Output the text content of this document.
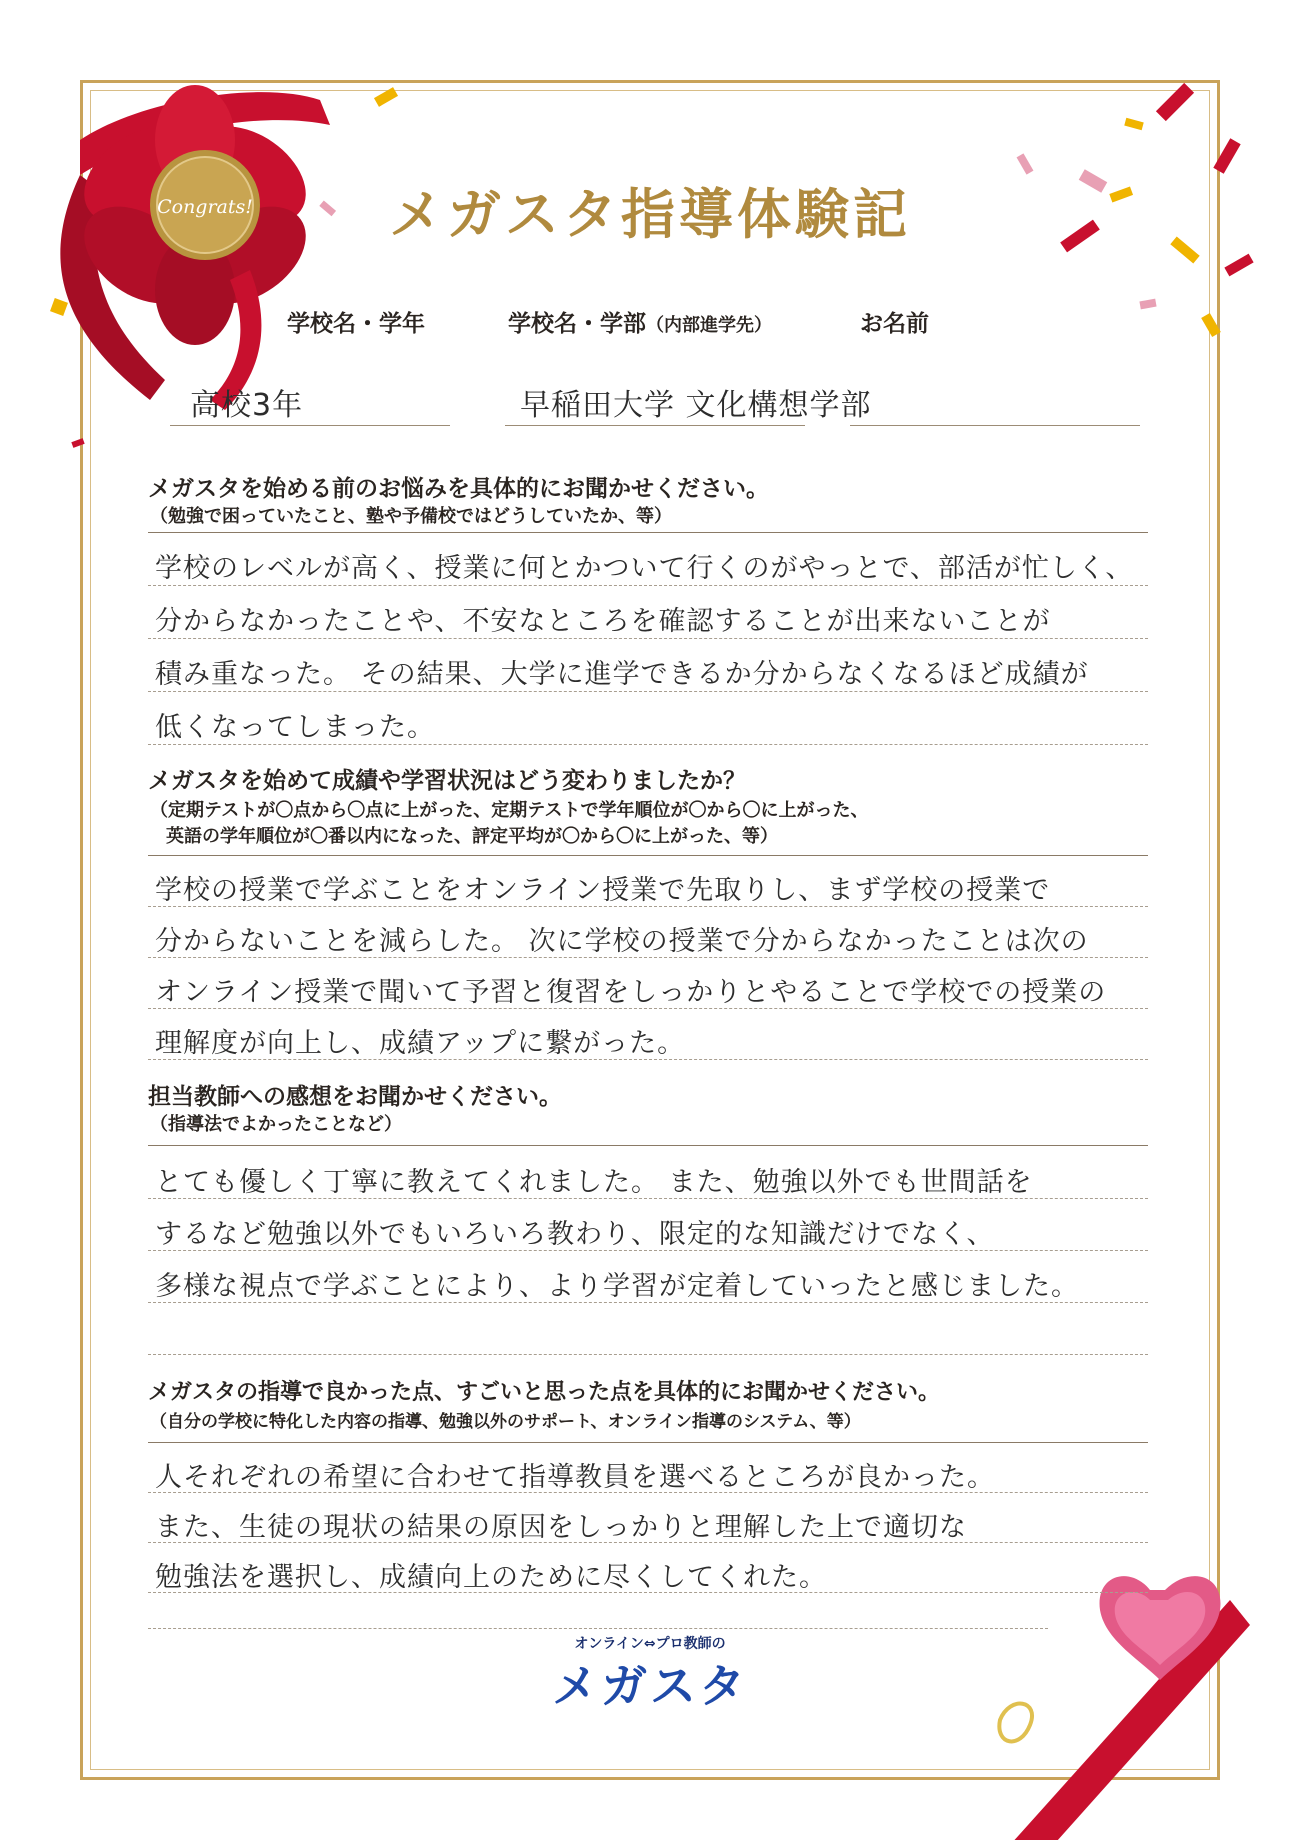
Congrats!	メガスタ指導体験記
学校名・学年	学校名・学部（内部進学先）	お名前
高校3年	早稲田大学 文化構想学部
メガスタを始める前のお悩みを具体的にお聞かせください。
（勉強で困っていたこと、塾や予備校ではどうしていたか、等）
学校のレベルが高く、授業に何とかついて行くのがやっとで、部活が忙しく、
分からなかったことや、不安なところを確認することが出来ないことが
積み重なった。 その結果、大学に進学できるか分からなくなるほど成績が
低くなってしまった。
メガスタを始めて成績や学習状況はどう変わりましたか？
（定期テストが〇点から〇点に上がった、定期テストで学年順位が〇から〇に上がった、
英語の学年順位が〇番以内になった、評定平均が〇から〇に上がった、等）
学校の授業で学ぶことをオンライン授業で先取りし、まず学校の授業で
分からないことを減らした。 次に学校の授業で分からなかったことは次の
オンライン授業で聞いて予習と復習をしっかりとやることで学校での授業の
理解度が向上し、成績アップに繋がった。
担当教師への感想をお聞かせください。
（指導法でよかったことなど）
とても優しく丁寧に教えてくれました。 また、勉強以外でも世間話を
するなど勉強以外でもいろいろ教わり、限定的な知識だけでなく、
多様な視点で学ぶことにより、より学習が定着していったと感じました。
メガスタの指導で良かった点、すごいと思った点を具体的にお聞かせください。
（自分の学校に特化した内容の指導、勉強以外のサポート、オンライン指導のシステム、等）
人それぞれの希望に合わせて指導教員を選べるところが良かった。
また、生徒の現状の結果の原因をしっかりと理解した上で適切な
勉強法を選択し、成績向上のために尽くしてくれた。
オンライン⇔プロ教師の
メガスタ
